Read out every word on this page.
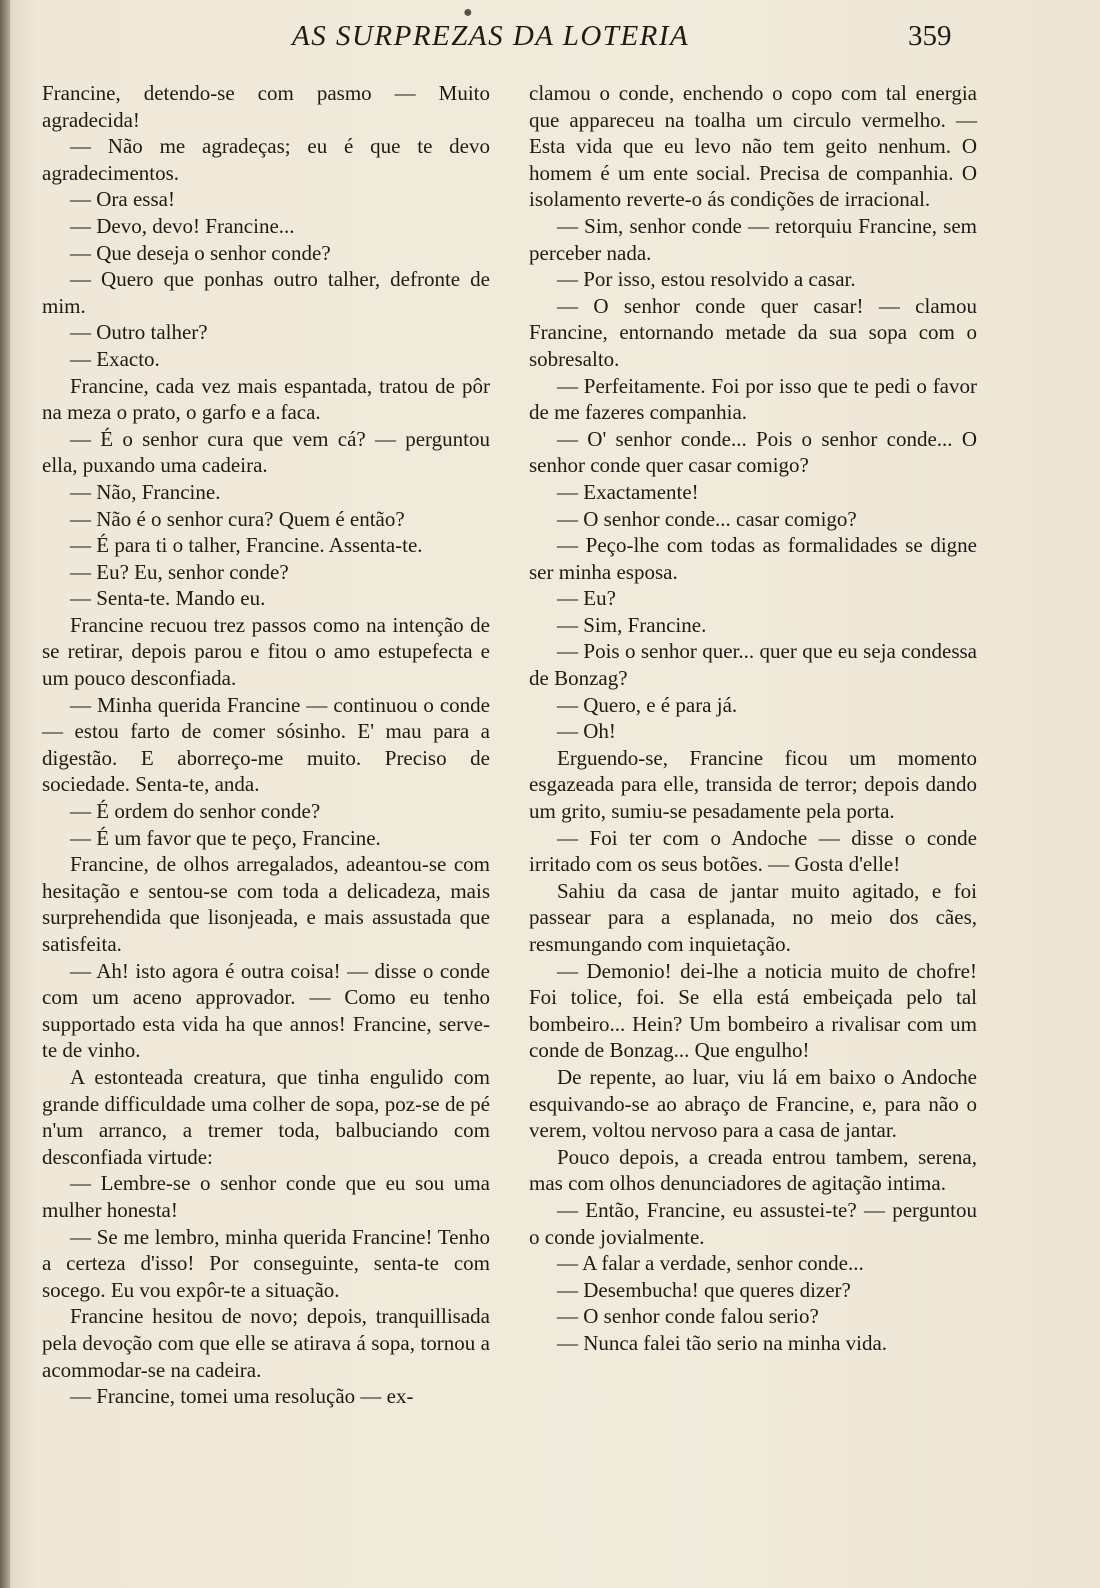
●
AS SURPREZAS DA LOTERIA	359

Francine, detendo-se com pasmo — Muito agradecida!

— Não me agradeças; eu é que te devo agradecimentos.

— Ora essa!

— Devo, devo! Francine...

— Que deseja o senhor conde?

— Quero que ponhas outro talher, defronte de mim.

— Outro talher?

— Exacto.

Francine, cada vez mais espantada, tratou de pôr na meza o prato, o garfo e a faca.

— É o senhor cura que vem cá? — perguntou ella, puxando uma cadeira.

— Não, Francine.

— Não é o senhor cura? Quem é então?

— É para ti o talher, Francine. Assenta-te.

— Eu? Eu, senhor conde?

— Senta-te. Mando eu.

Francine recuou trez passos como na intenção de se retirar, depois parou e fitou o amo estupefecta e um pouco desconfiada.

— Minha querida Francine — continuou o conde — estou farto de comer sósinho. E' mau para a digestão. E aborreço-me muito. Preciso de sociedade. Senta-te, anda.

— É ordem do senhor conde?

— É um favor que te peço, Francine.

Francine, de olhos arregalados, adeantou-se com hesitação e sentou-se com toda a delicadeza, mais surprehendida que lisonjeada, e mais assustada que satisfeita.

— Ah! isto agora é outra coisa! — disse o conde com um aceno approvador. — Como eu tenho supportado esta vida ha que annos! Francine, serve-te de vinho.

A estonteada creatura, que tinha engulido com grande difficuldade uma colher de sopa, poz-se de pé n'um arranco, a tremer toda, balbuciando com desconfiada virtude:

— Lembre-se o senhor conde que eu sou uma mulher honesta!

— Se me lembro, minha querida Francine! Tenho a certeza d'isso! Por conseguinte, senta-te com socego. Eu vou expôr-te a situação.

Francine hesitou de novo; depois, tranquillisada pela devoção com que elle se atirava á sopa, tornou a acommodar-se na cadeira.

— Francine, tomei uma resolução — ex-

clamou o conde, enchendo o copo com tal energia que appareceu na toalha um circulo vermelho. — Esta vida que eu levo não tem geito nenhum. O homem é um ente social. Precisa de companhia. O isolamento reverte-o ás condições de irracional.

— Sim, senhor conde — retorquiu Francine, sem perceber nada.

— Por isso, estou resolvido a casar.

— O senhor conde quer casar! — clamou Francine, entornando metade da sua sopa com o sobresalto.

— Perfeitamente. Foi por isso que te pedi o favor de me fazeres companhia.

— O' senhor conde... Pois o senhor conde... O senhor conde quer casar comigo?

— Exactamente!

— O senhor conde... casar comigo?

— Peço-lhe com todas as formalidades se digne ser minha esposa.

— Eu?

— Sim, Francine.

— Pois o senhor quer... quer que eu seja condessa de Bonzag?

— Quero, e é para já.

— Oh!

Erguendo-se, Francine ficou um momento esgazeada para elle, transida de terror; depois dando um grito, sumiu-se pesadamente pela porta.

— Foi ter com o Andoche — disse o conde irritado com os seus botões. — Gosta d'elle!

Sahiu da casa de jantar muito agitado, e foi passear para a esplanada, no meio dos cães, resmungando com inquietação.

— Demonio! dei-lhe a noticia muito de chofre! Foi tolice, foi. Se ella está embeiçada pelo tal bombeiro... Hein? Um bombeiro a rivalisar com um conde de Bonzag... Que engulho!

De repente, ao luar, viu lá em baixo o Andoche esquivando-se ao abraço de Francine, e, para não o verem, voltou nervoso para a casa de jantar.

Pouco depois, a creada entrou tambem, serena, mas com olhos denunciadores de agitação intima.

— Então, Francine, eu assustei-te? — perguntou o conde jovialmente.

— A falar a verdade, senhor conde...

— Desembucha! que queres dizer?

— O senhor conde falou serio?

— Nunca falei tão serio na minha vida.
